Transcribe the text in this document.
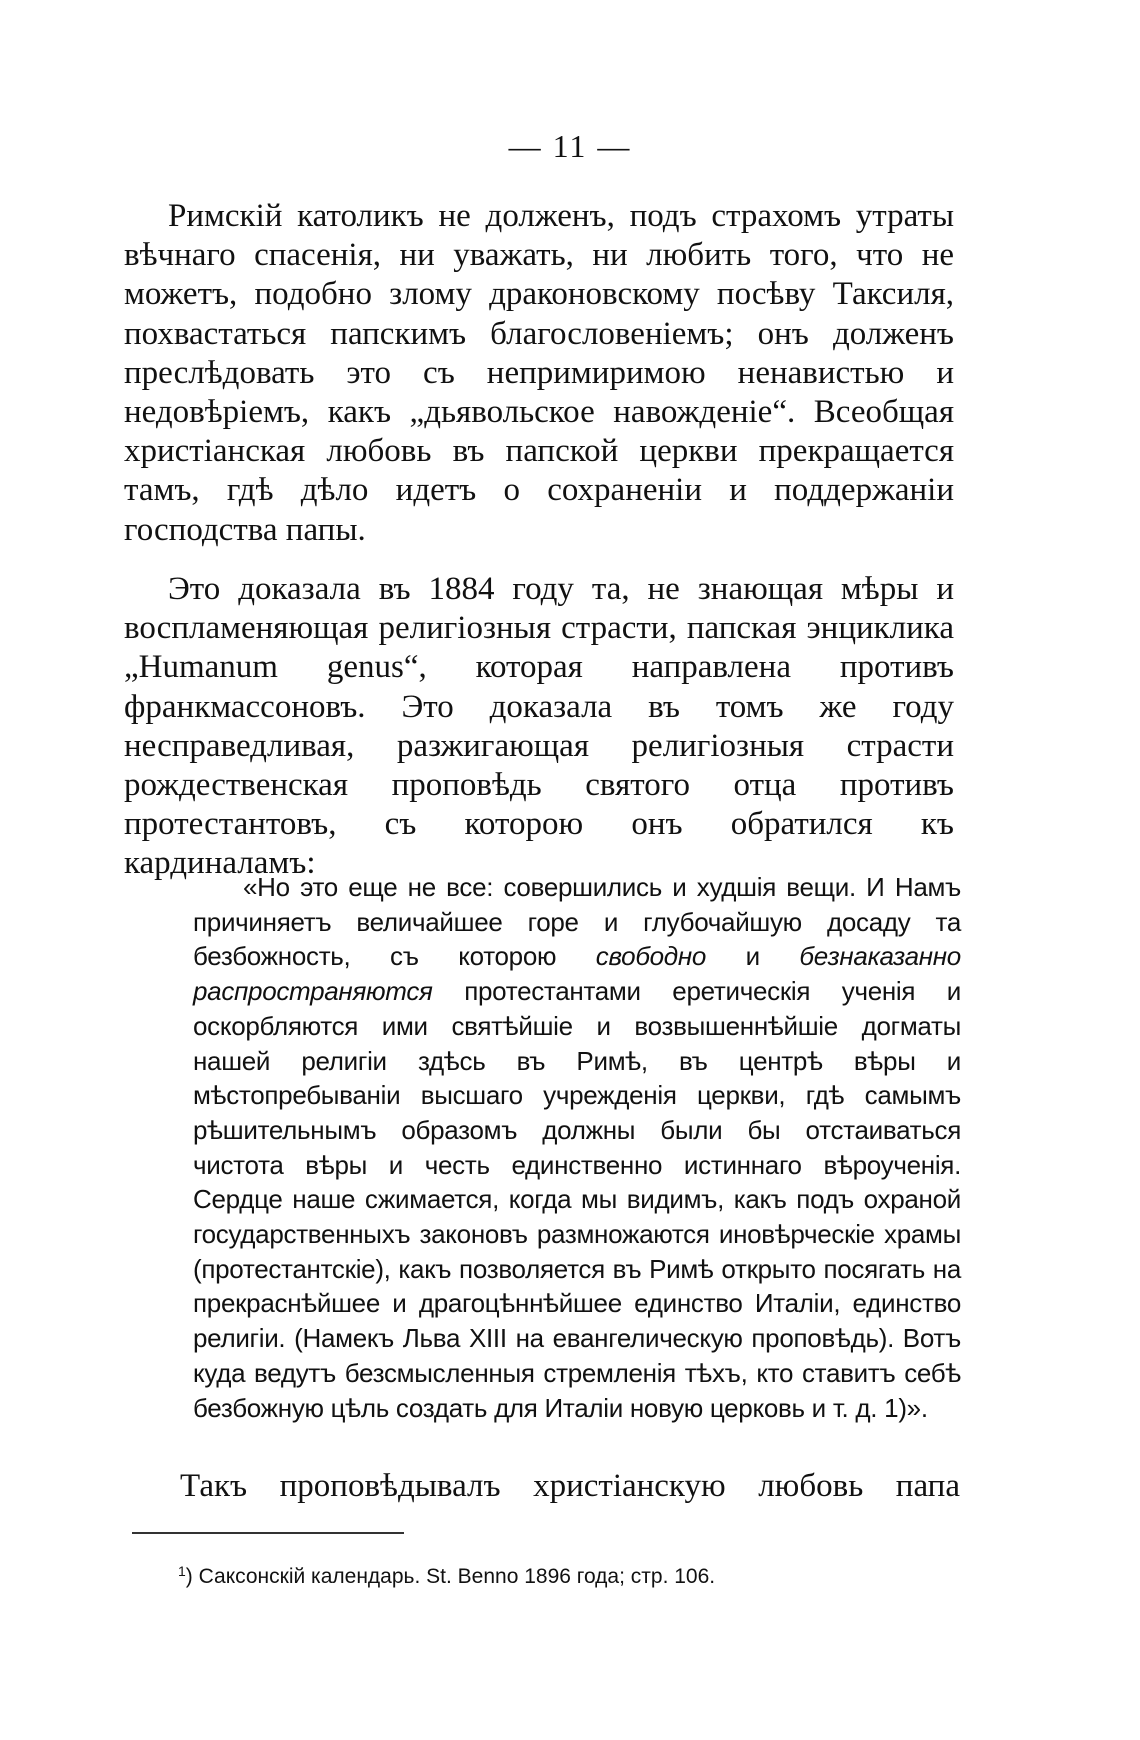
— 11 —
Римскій католикъ не долженъ, подъ страхомъ утраты вѣчнаго спасенія, ни уважать, ни любить того, что не можетъ, подобно злому драконовскому посѣву Таксиля, похвастаться папскимъ благословеніемъ; онъ долженъ преслѣдовать это съ непримиримою ненавистью и недовѣріемъ, какъ „дьявольское навожденіе“. Всеобщая христіанская любовь въ папской церкви прекращается тамъ, гдѣ дѣло идетъ о сохраненіи и поддержаніи господства папы.
Это доказала въ 1884 году та, не знающая мѣры и воспламеняющая религіозныя страсти, папская энциклика „Humanum genus“, которая направлена противъ франкмассоновъ. Это доказала въ томъ же году несправедливая, разжигающая религіозныя страсти рождественская проповѣдь святого отца противъ протестантовъ, съ которою онъ обратился къ кардиналамъ:
«Но это еще не все: совершились и худшія вещи. И Намъ причиняетъ величайшее горе и глубочайшую досаду та безбожность, съ которою свободно и безнаказанно распространяются протестантами еретическія ученія и оскорбляются ими святѣйшіе и возвышеннѣйшіе догматы нашей религіи здѣсь въ Римѣ, въ центрѣ вѣры и мѣстопребываніи высшаго учрежденія церкви, гдѣ самымъ рѣшительнымъ образомъ должны были бы отстаиваться чистота вѣры и честь единственно истиннаго вѣроученія. Сердце наше сжимается, когда мы видимъ, какъ подъ охраной государственныхъ законовъ размножаются иновѣрческіе храмы (протестантскіе), какъ позволяется въ Римѣ открыто посягать на прекраснѣйшее и драгоцѣннѣйшее единство Италіи, единство религіи. (Намекъ Льва XIII на евангелическую проповѣдь). Вотъ куда ведутъ безсмысленныя стремленія тѣхъ, кто ставитъ себѣ безбожную цѣль создать для Италіи новую церковь и т. д. 1)».
Такъ проповѣдывалъ христіанскую любовь папа
$^1$) Саксонскій календарь. St. Benno 1896 года; стр. 106.
